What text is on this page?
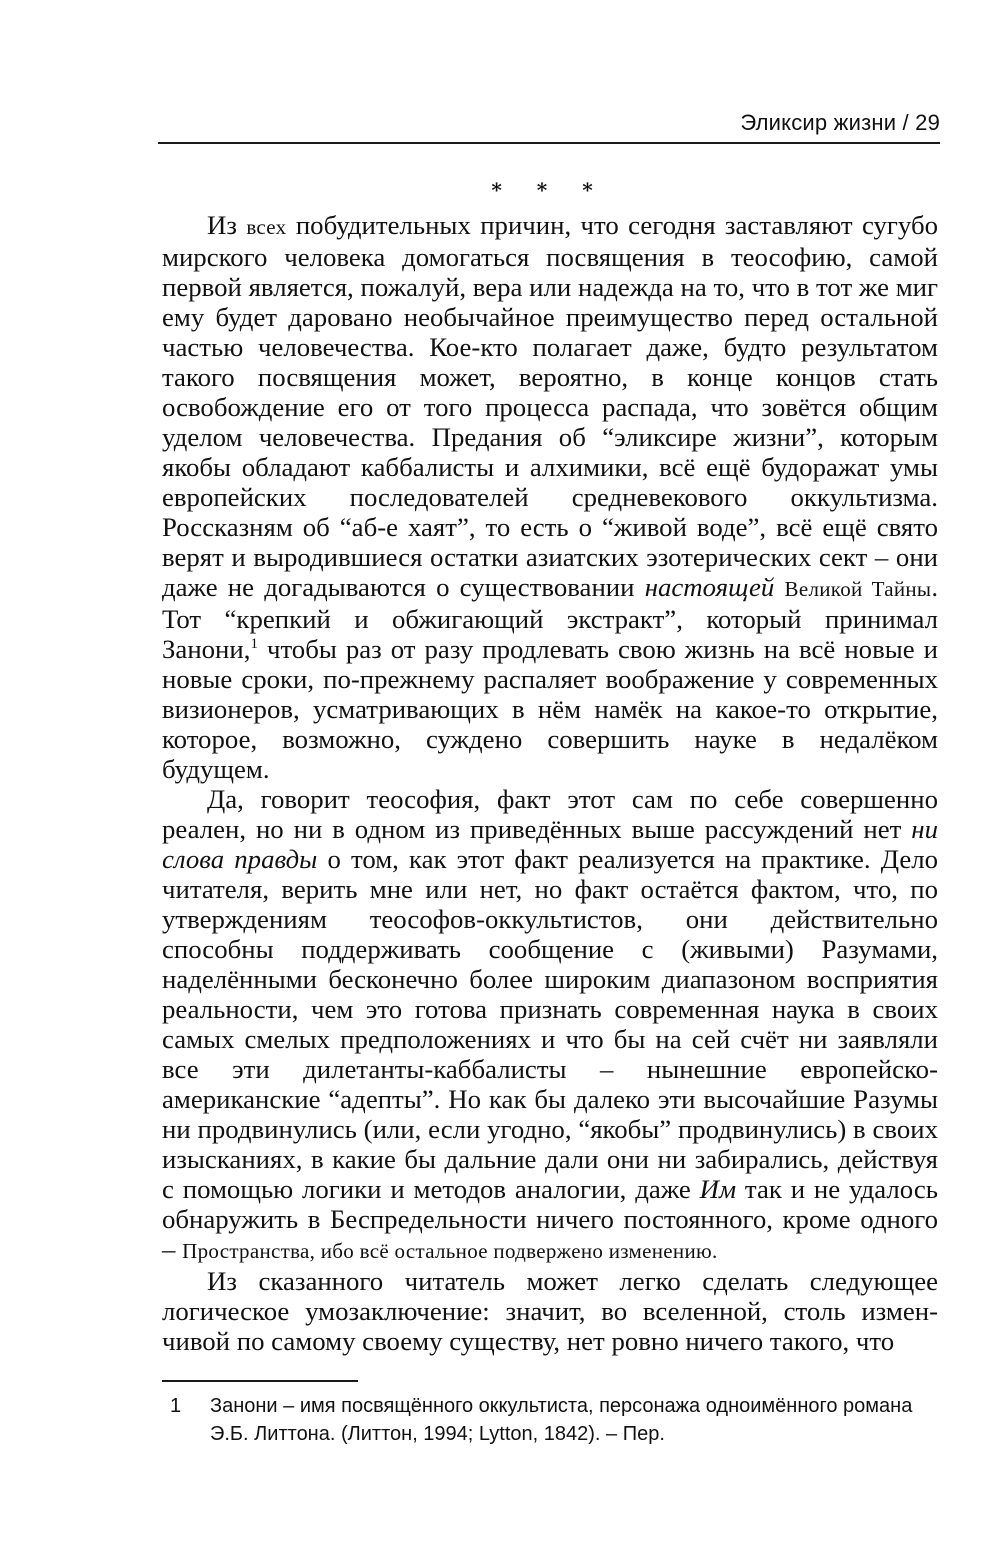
Эликсир жизни / 29
* * *

Из всех побудительных причин, что сегодня заставляют сугубо мирского человека домогаться посвящения в теософию, самой первой является, пожалуй, вера или надежда на то, что в тот же миг ему будет даровано необычайное преимущество перед остальной частью человечества. Кое-кто полагает даже, будто результатом такого посвящения может, вероятно, в конце концов стать освобождение его от того процесса распада, что зовётся общим уделом человечества. Предания об “эликсире жизни”, которым якобы обладают каббалисты и алхимики, всё ещё будоражат умы европейских последователей средневекового оккультизма. Россказням об “аб-е хаят”, то есть о “живой воде”, всё ещё свято верят и выродившиеся остатки азиатских эзотерических сект – они даже не догадываются о существовании настоящей Великой Тайны. Тот “крепкий и обжигающий экстракт”, который принимал Занони,$^1$ чтобы раз от разу продлевать свою жизнь на всё новые и новые сроки, по-прежнему распаляет воображение у современных визионеров, усматривающих в нём намёк на какое-то открытие, которое, возможно, суждено совершить науке в недалёком будущем.

Да, говорит теософия, факт этот сам по себе совершенно реален, но ни в одном из приведённых выше рассуждений нет ни слова правды о том, как этот факт реализуется на практике. Дело читателя, верить мне или нет, но факт остаётся фактом, что, по утверждениям теософов-оккультистов, они действительно способны поддерживать сообщение с (живыми) Разумами, наделёнными бесконечно более широким диапазоном восприятия реальности, чем это готова признать современная наука в своих самых смелых предположениях и что бы на сей счёт ни заявляли все эти дилетанты-каббалисты – нынешние европейско-американские “адепты”. Но как бы далеко эти высочайшие Разумы ни продвинулись (или, если угодно, “якобы” продвинулись) в своих изысканиях, в какие бы дальние дали они ни забирались, действуя с помощью логики и методов аналогии, даже Им так и не удалось обнаружить в Беспредельности ничего постоянного, кроме одного – Пространства, ибо всё остальное подвержено изменению.

Из сказанного читатель может легко сделать следующее логическое умозаключение: значит, во вселенной, столь изменчивой по самому своему существу, нет ровно ничего такого, что

1 Занони – имя посвящённого оккультиста, персонажа одноимённого романа Э.Б. Литтона. (Литтон, 1994; Lytton, 1842). – Пер.
